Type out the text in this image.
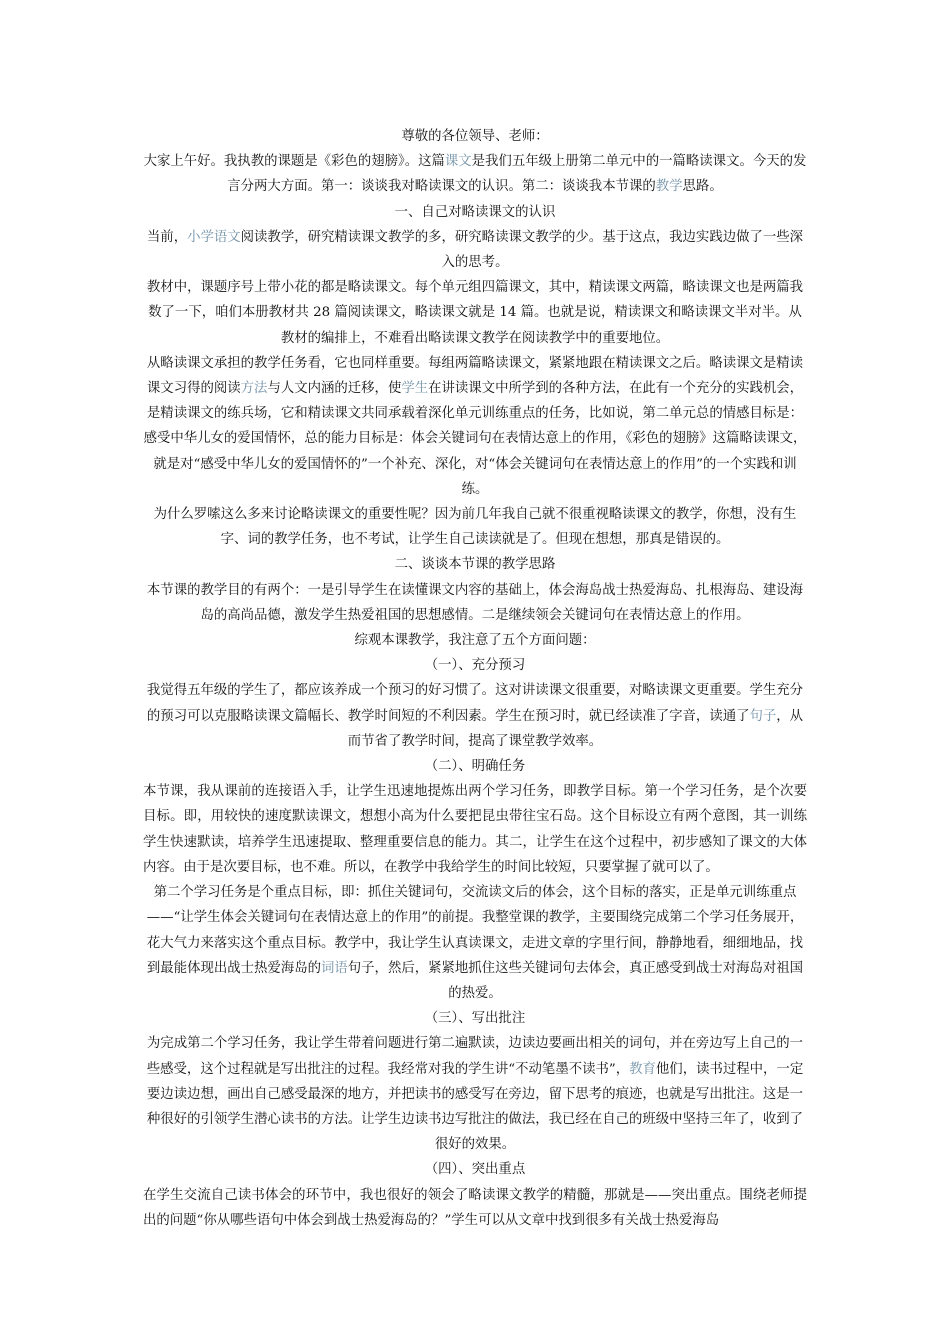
尊敬的各位领导、老师：

大家上午好。我执教的课题是《彩色的翅膀》。这篇课文是我们五年级上册第二单元中的一篇略读课文。今天的发言分两大方面。第一：谈谈我对略读课文的认识。第二：谈谈我本节课的教学思路。

一、自己对略读课文的认识

当前，小学语文阅读教学，研究精读课文教学的多，研究略读课文教学的少。基于这点，我边实践边做了一些深入的思考。

教材中，课题序号上带小花的都是略读课文。每个单元组四篇课文，其中，精读课文两篇，略读课文也是两篇我数了一下，咱们本册教材共 28 篇阅读课文，略读课文就是 14 篇。也就是说，精读课文和略读课文半对半。从教材的编排上，不难看出略读课文教学在阅读教学中的重要地位。

从略读课文承担的教学任务看，它也同样重要。每组两篇略读课文，紧紧地跟在精读课文之后。略读课文是精读课文习得的阅读方法与人文内涵的迁移，使学生在讲读课文中所学到的各种方法，在此有一个充分的实践机会，是精读课文的练兵场，它和精读课文共同承载着深化单元训练重点的任务，比如说，第二单元总的情感目标是：感受中华儿女的爱国情怀，总的能力目标是：体会关键词句在表情达意上的作用，《彩色的翅膀》这篇略读课文，就是对“感受中华儿女的爱国情怀的”一个补充、深化，对“体会关键词句在表情达意上的作用”的一个实践和训练。

为什么罗嗦这么多来讨论略读课文的重要性呢？因为前几年我自己就不很重视略读课文的教学，你想，没有生字、词的教学任务，也不考试，让学生自己读读就是了。但现在想想，那真是错误的。

二、谈谈本节课的教学思路

本节课的教学目的有两个：一是引导学生在读懂课文内容的基础上，体会海岛战士热爱海岛、扎根海岛、建设海岛的高尚品德，激发学生热爱祖国的思想感情。二是继续领会关键词句在表情达意上的作用。

综观本课教学，我注意了五个方面问题：

（一）、充分预习

我觉得五年级的学生了，都应该养成一个预习的好习惯了。这对讲读课文很重要，对略读课文更重要。学生充分的预习可以克服略读课文篇幅长、教学时间短的不利因素。学生在预习时，就已经读准了字音，读通了句子，从而节省了教学时间，提高了课堂教学效率。

（二）、明确任务

本节课，我从课前的连接语入手，让学生迅速地提炼出两个学习任务，即教学目标。第一个学习任务，是个次要目标。即，用较快的速度默读课文，想想小高为什么要把昆虫带往宝石岛。这个目标设立有两个意图，其一训练学生快速默读，培养学生迅速提取、整理重要信息的能力。其二，让学生在这个过程中，初步感知了课文的大体内容。由于是次要目标，也不难。所以，在教学中我给学生的时间比较短，只要掌握了就可以了。

第二个学习任务是个重点目标，即：抓住关键词句，交流读文后的体会，这个目标的落实，正是单元训练重点——“让学生体会关键词句在表情达意上的作用”的前提。我整堂课的教学，主要围绕完成第二个学习任务展开，花大气力来落实这个重点目标。教学中，我让学生认真读课文，走进文章的字里行间，静静地看，细细地品，找到最能体现出战士热爱海岛的词语句子，然后，紧紧地抓住这些关键词句去体会，真正感受到战士对海岛对祖国的热爱。

（三）、写出批注

为完成第二个学习任务，我让学生带着问题进行第二遍默读，边读边要画出相关的词句，并在旁边写上自己的一些感受，这个过程就是写出批注的过程。我经常对我的学生讲“不动笔墨不读书”，教育他们，读书过程中，一定要边读边想，画出自己感受最深的地方，并把读书的感受写在旁边，留下思考的痕迹，也就是写出批注。这是一种很好的引领学生潜心读书的方法。让学生边读书边写批注的做法，我已经在自己的班级中坚持三年了，收到了很好的效果。

（四）、突出重点

在学生交流自己读书体会的环节中，我也很好的领会了略读课文教学的精髓，那就是——突出重点。围绕老师提出的问题“你从哪些语句中体会到战士热爱海岛的？”学生可以从文章中找到很多有关战士热爱海岛
